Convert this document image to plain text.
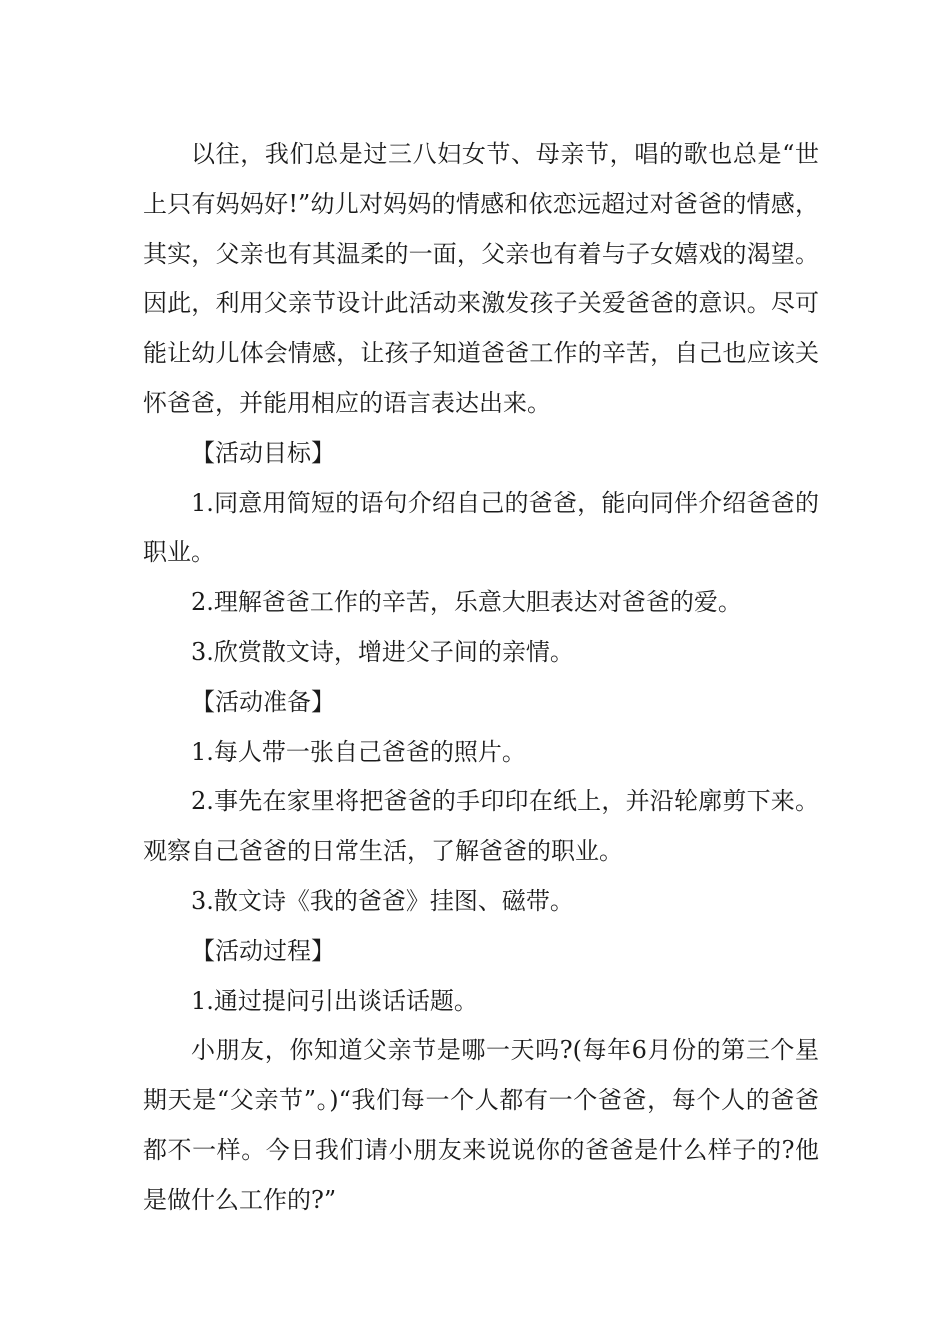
以往，我们总是过三八妇女节、母亲节，唱的歌也总是“世上只有妈妈好!”幼儿对妈妈的情感和依恋远超过对爸爸的情感，其实，父亲也有其温柔的一面，父亲也有着与子女嬉戏的渴望。因此，利用父亲节设计此活动来激发孩子关爱爸爸的意识。尽可能让幼儿体会情感，让孩子知道爸爸工作的辛苦，自己也应该关怀爸爸，并能用相应的语言表达出来。

【活动目标】

1.同意用简短的语句介绍自己的爸爸，能向同伴介绍爸爸的职业。

2.理解爸爸工作的辛苦，乐意大胆表达对爸爸的爱。

3.欣赏散文诗，增进父子间的亲情。

【活动准备】

1.每人带一张自己爸爸的照片。

2.事先在家里将把爸爸的手印印在纸上，并沿轮廓剪下来。观察自己爸爸的日常生活，了解爸爸的职业。

3.散文诗《我的爸爸》挂图、磁带。

【活动过程】

1.通过提问引出谈话话题。

小朋友，你知道父亲节是哪一天吗?(每年6月份的第三个星期天是“父亲节”。)“我们每一个人都有一个爸爸，每个人的爸爸都不一样。今日我们请小朋友来说说你的爸爸是什么样子的?他是做什么工作的?”
